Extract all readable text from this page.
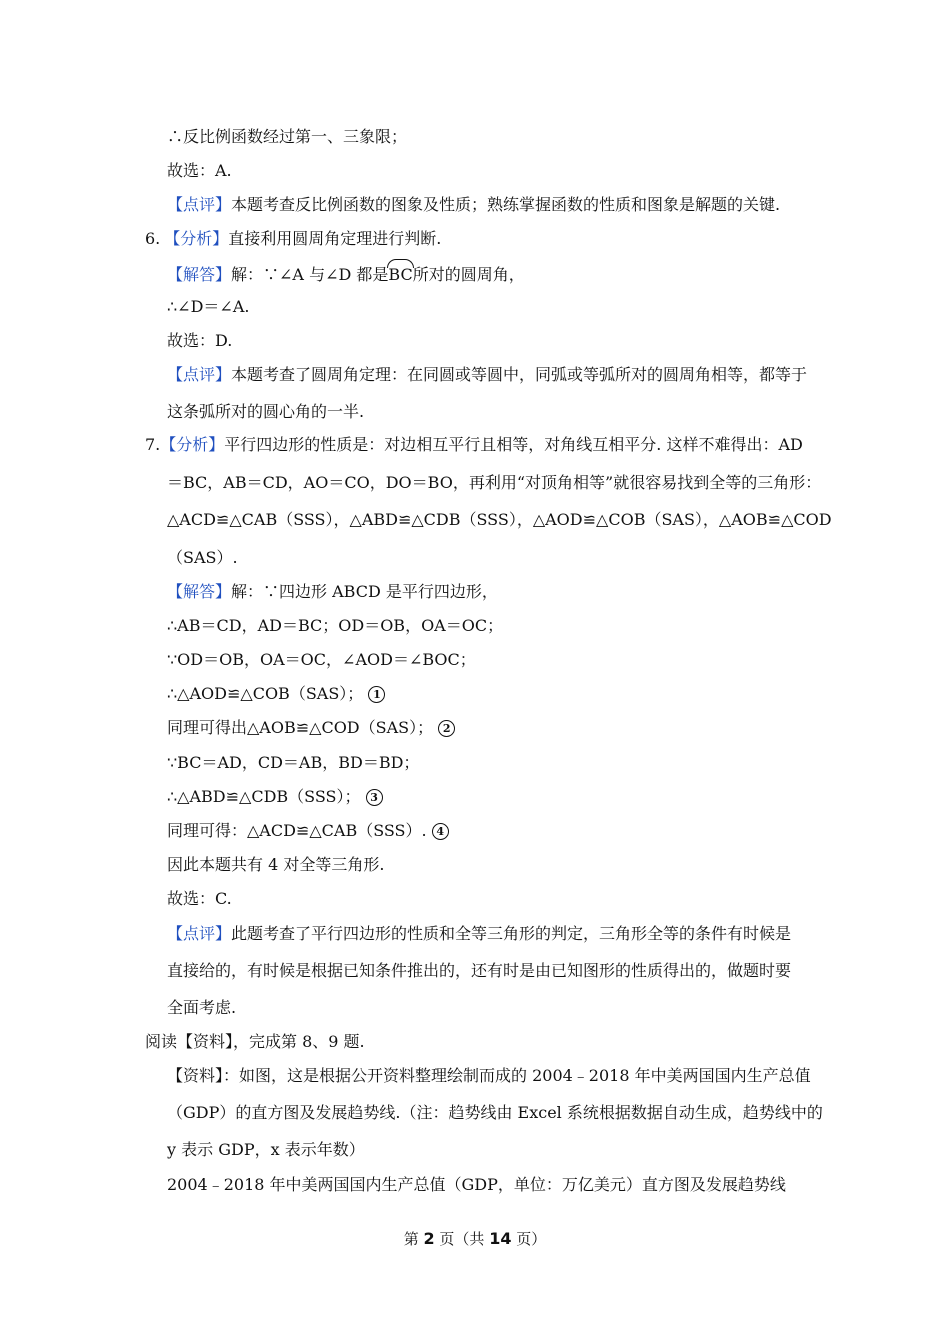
∴反比例函数经过第一、三象限；
故选：A.
【点评】本题考查反比例函数的图象及性质；熟练掌握函数的性质和图象是解题的关键.
6. 【分析】直接利用圆周角定理进行判断.
【解答】解：∵∠A 与∠D 都是BC所对的圆周角，
∴∠D＝∠A.
故选：D.
【点评】本题考查了圆周角定理：在同圆或等圆中，同弧或等弧所对的圆周角相等，都等于
这条弧所对的圆心角的一半.
7.【分析】平行四边形的性质是：对边相互平行且相等，对角线互相平分. 这样不难得出：AD
＝BC，AB＝CD，AO＝CO，DO＝BO，再利用“对顶角相等”就很容易找到全等的三角形：
△ACD≌△CAB（SSS），△ABD≌△CDB（SSS），△AOD≌△COB（SAS），△AOB≌△COD
（SAS）.
【解答】解：∵四边形 ABCD 是平行四边形，
∴AB＝CD，AD＝BC；OD＝OB，OA＝OC；
∵OD＝OB，OA＝OC，∠AOD＝∠BOC；
∴△AOD≌△COB（SAS）； 1
同理可得出△AOB≌△COD（SAS）； 2
∵BC＝AD，CD＝AB，BD＝BD；
∴△ABD≌△CDB（SSS）； 3
同理可得：△ACD≌△CAB（SSS）. 4
因此本题共有 4 对全等三角形.
故选：C.
【点评】此题考查了平行四边形的性质和全等三角形的判定，三角形全等的条件有时候是
直接给的，有时候是根据已知条件推出的，还有时是由已知图形的性质得出的，做题时要
全面考虑.
阅读【资料】，完成第 8、9 题.
【资料】：如图，这是根据公开资料整理绘制而成的 2004﹣2018 年中美两国国内生产总值
（GDP）的直方图及发展趋势线.（注：趋势线由 Excel 系统根据数据自动生成，趋势线中的
y 表示 GDP，x 表示年数）
2004﹣2018 年中美两国国内生产总值（GDP，单位：万亿美元）直方图及发展趋势线
第 2 页（共 14 页）
